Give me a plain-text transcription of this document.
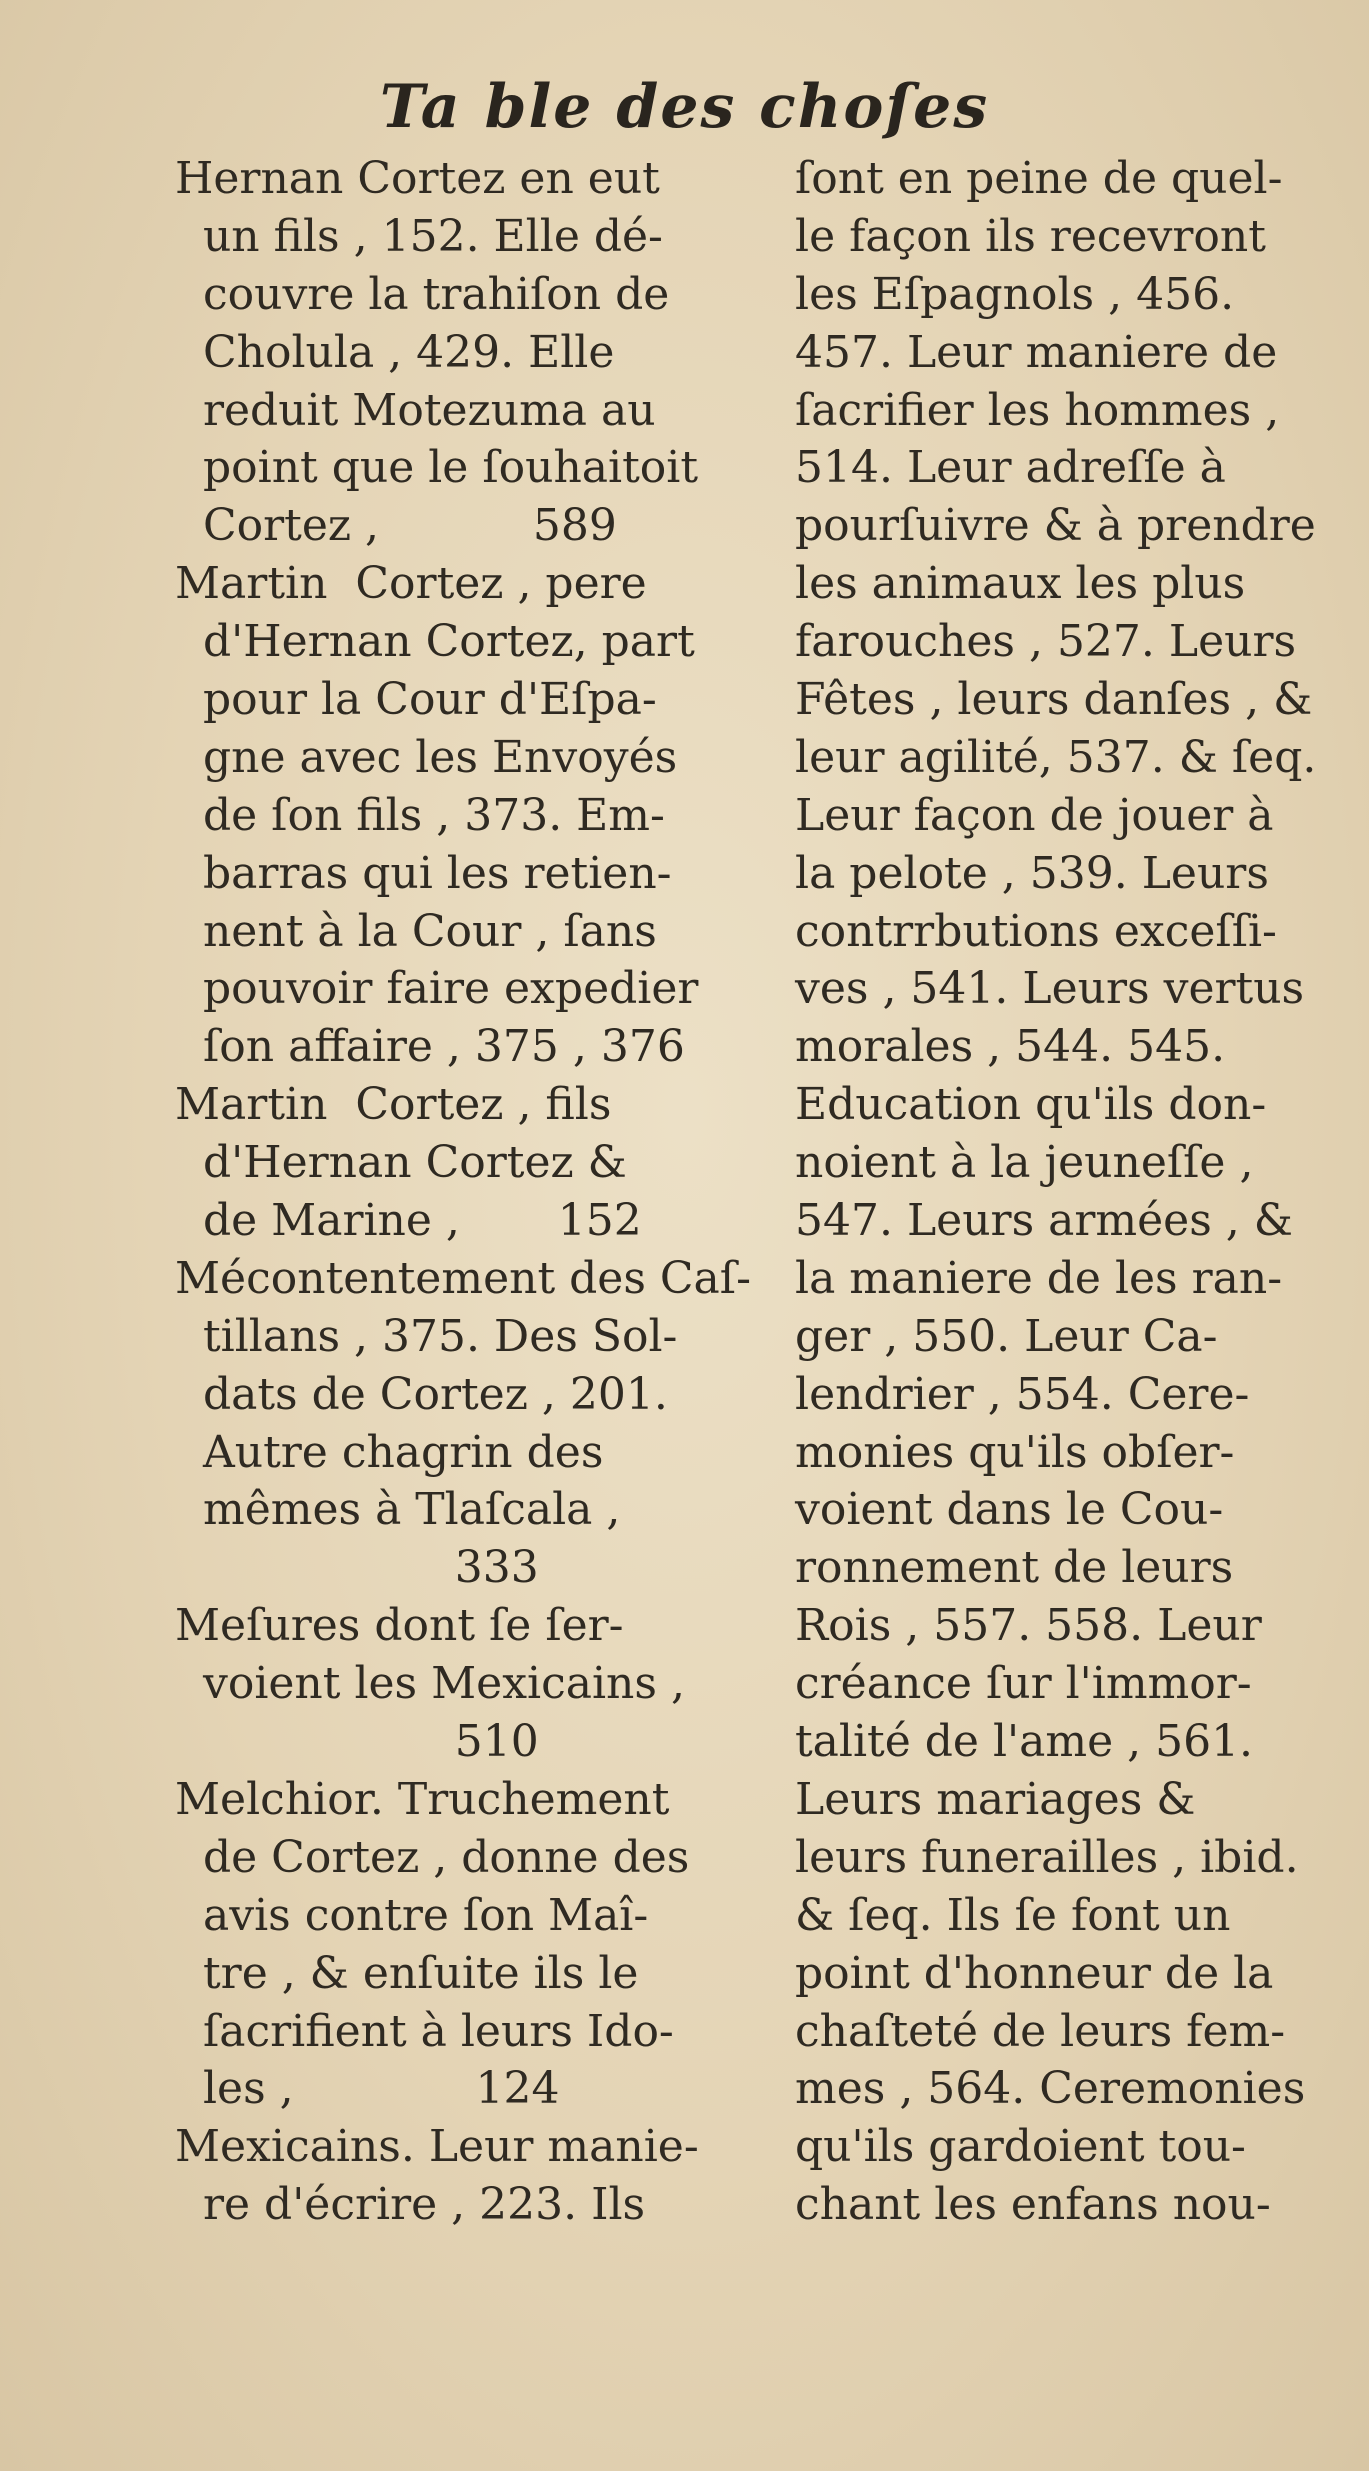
Ta ble des choſes
Hernan Cortez en eut
un fils , 152. Elle dé-
couvre la trahiſon de
Cholula , 429. Elle
reduit Motezuma au
point que le ſouhaitoit
Cortez ,           589
Martin  Cortez , pere
d'Hernan Cortez, part
pour la Cour d'Eſpa-
gne avec les Envoyés
de ſon fils , 373. Em-
barras qui les retien-
nent à la Cour , ſans
pouvoir faire expedier
ſon affaire , 375 , 376
Martin  Cortez , fils
d'Hernan Cortez &
de Marine ,       152
Mécontentement des Caſ-
tillans , 375. Des Sol-
dats de Cortez , 201.
Autre chagrin des
mêmes à Tlaſcala ,
333
Meſures dont ſe ſer-
voient les Mexicains ,
510
Melchior. Truchement
de Cortez , donne des
avis contre ſon Maî-
tre , & enſuite ils le
ſacrifient à leurs Ido-
les ,             124
Mexicains. Leur manie-
re d'écrire , 223. Ils
ſont en peine de quel-
le façon ils recevront
les Eſpagnols , 456.
457. Leur maniere de
ſacrifier les hommes ,
514. Leur adreſſe à
pourſuivre & à prendre
les animaux les plus
farouches , 527. Leurs
Fêtes , leurs danſes , &
leur agilité, 537. & ſeq.
Leur façon de jouer à
la pelote , 539. Leurs
contrrbutions exceſſi-
ves , 541. Leurs vertus
morales , 544. 545.
Education qu'ils don-
noient à la jeuneſſe ,
547. Leurs armées , &
la maniere de les ran-
ger , 550. Leur Ca-
lendrier , 554. Cere-
monies qu'ils obſer-
voient dans le Cou-
ronnement de leurs
Rois , 557. 558. Leur
créance ſur l'immor-
talité de l'ame , 561.
Leurs mariages &
leurs funerailles , ibid.
& ſeq. Ils ſe font un
point d'honneur de la
chaſteté de leurs fem-
mes , 564. Ceremonies
qu'ils gardoient tou-
chant les enfans nou-
